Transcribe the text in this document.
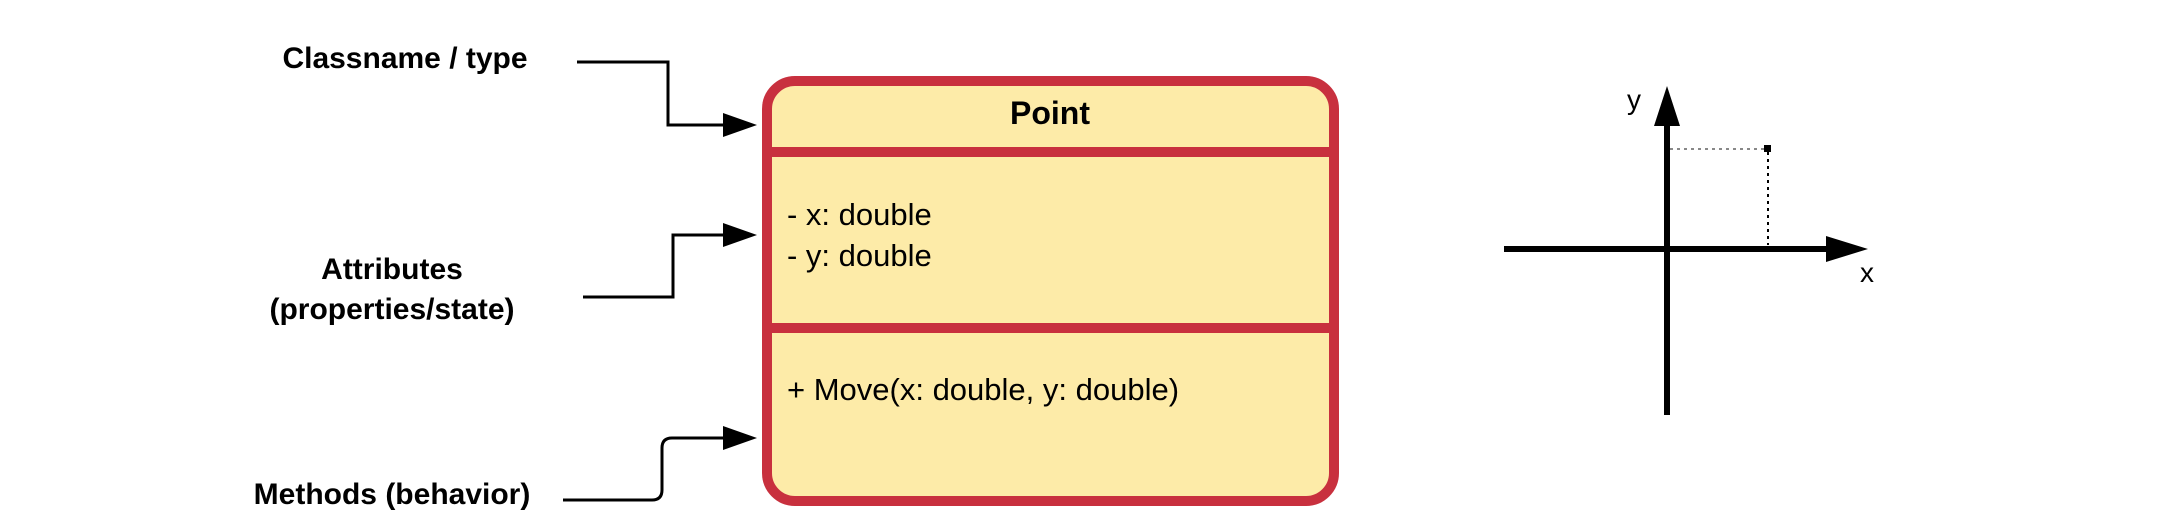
Classname / type
Attributes
(properties/state)
Methods (behavior)
Point
- x: double
- y: double
+ Move(x: double, y: double)
y
x
